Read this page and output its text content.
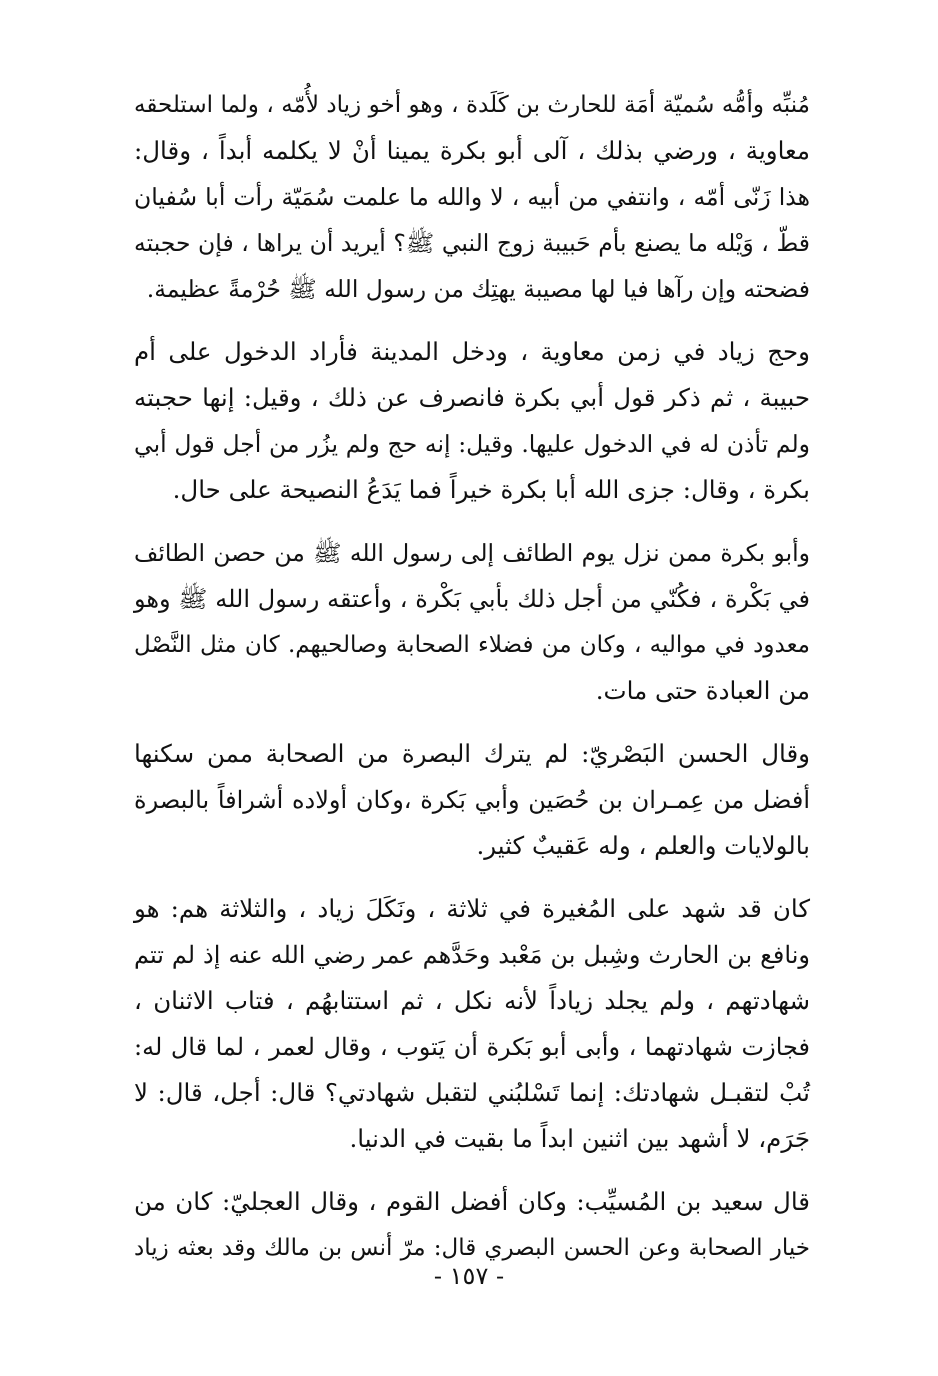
مُنبِّه وأمُّه سُميّة أمَة للحارث بن كَلَدة ، وهو أخو زياد لأُمّه ، ولما استلحقه
معاوية ، ورضي بذلك ، آلى أبو بكرة يمينا أنْ لا يكلمه أبداً ، وقال:
هذا زَنّى أمّه ، وانتفي من أبيه ، لا والله ما علمت سُمَيّة رأت أبا سُفيان
قطّ ، وَيْله ما يصنع بأم حَبيبة زوج النبي ﷺ؟ أيريد أن يراها ، فإن حجبته
فضحته وإن رآها فيا لها مصيبة يهتِك من رسول الله ﷺ حُرْمةً عظيمة.

وحج زياد في زمن معاوية ، ودخل المدينة فأراد الدخول على أم
حبيبة ، ثم ذكر قول أبي بكرة فانصرف عن ذلك ، وقيل: إنها حجبته
ولم تأذن له في الدخول عليها. وقيل: إنه حج ولم يزُر من أجل قول أبي
بكرة ، وقال: جزى الله أبا بكرة خيراً فما يَدَعُ النصيحة على حال.

وأبو بكرة ممن نزل يوم الطائف إلى رسول الله ﷺ من حصن الطائف
في بَكْرة ، فكُنّي من أجل ذلك بأبي بَكْرة ، وأعتقه رسول الله ﷺ وهو
معدود في مواليه ، وكان من فضلاء الصحابة وصالحيهم. كان مثل النَّصْل
من العبادة حتى مات.

وقال الحسن البَصْريّ: لم يترك البصرة من الصحابة ممن سكنها
أفضل من عِمـران بن حُصَين وأبي بَكرة ،وكان أولاده أشرافاً بالبصرة
بالولايات والعلم ، وله عَقيبٌ كثير.

كان قد شهد على المُغيرة في ثلاثة ، ونَكَلَ زياد ، والثلاثة هم: هو
ونافع بن الحارث وشِبل بن مَعْبد وحَدَّهم عمر رضي الله عنه إذ لم تتم
شهادتهم ، ولم يجلد زياداً لأنه نكل ، ثم استتابهُم ، فتاب الاثنان ،
فجازت شهادتهما ، وأبى أبو بَكرة أن يَتوب ، وقال لعمر ، لما قال له:
تُبْ لتقبـل شهادتك: إنما تَسْلبُني لتقبل شهادتي؟ قال: أجل، قال: لا
جَرَم، لا أشهد بين اثنين ابداً ما بقيت في الدنيا.

قال سعيد بن المُسيِّب: وكان أفضل القوم ، وقال العجليّ: كان من
خيار الصحابة وعن الحسن البصري قال: مرّ أنس بن مالك وقد بعثه زياد

- ١٥٧ -
